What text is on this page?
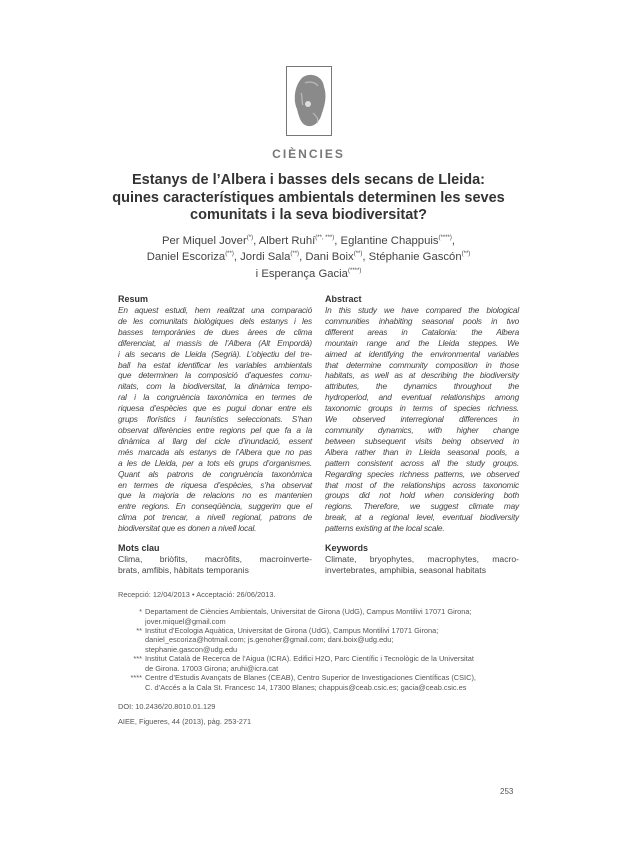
CIÈNCIES
Estanys de l’Albera i basses dels secans de Lleida:
quines característiques ambientals determinen les seves
comunitats i la seva biodiversitat?
Per Miquel Jover(*), Albert Ruhí(**, ***), Eglantine Chappuis(****),
Daniel Escoriza(**), Jordi Sala(**), Dani Boix(**), Stéphanie Gascón(**)
i Esperança Gacia(****)
Resum
En aquest estudi, hem realitzat una comparació
de les comunitats biològiques dels estanys i les
basses temporànies de dues àrees de clima
diferenciat, al massís de l’Albera (Alt Empordà)
i als secans de Lleida (Segrià). L’objectiu del tre-
ball ha estat identificar les variables ambientals
que determinen la composició d’aquestes comu-
nitats, com la biodiversitat, la dinàmica tempo-
ral i la congruència taxonòmica en termes de
riquesa d’espècies que es pugui donar entre els
grups florístics i faunístics seleccionats. S’han
observat diferències entre regions pel que fa a la
dinàmica al llarg del cicle d’inundació, essent
més marcada als estanys de l’Albera que no pas
a les de Lleida, per a tots els grups d’organismes.
Quant als patrons de congruència taxonòmica
en termes de riquesa d’espècies, s’ha observat
que la majoria de relacions no es mantenien
entre regions. En conseqüència, suggerim que el
clima pot trencar, a nivell regional, patrons de
biodiversitat que es donen a nivell local.
Mots clau
Clima, briòfits, macròfits, macroinverte-
brats, amfibis, hàbitats temporanis
Abstract
In this study we have compared the biological
communities inhabiting seasonal pools in two
different areas in Catalonia: the Albera
mountain range and the Lleida steppes. We
aimed at identifying the environmental variables
that determine community composition in those
habitats, as well as at describing the biodiversity
attributes, the dynamics throughout the
hydroperiod, and eventual relationships among
taxonomic groups in terms of species richness.
We observed interregional differences in
community dynamics, with higher change
between subsequent visits being observed in
Albera rather than in Lleida seasonal pools, a
pattern consistent across all the study groups.
Regarding species richness patterns, we observed
that most of the relationships across taxonomic
groups did not hold when considering both
regions. Therefore, we suggest climate may
break, at a regional level, eventual biodiversity
patterns existing at the local scale.
Keywords
Climate, bryophytes, macrophytes, macro-
invertebrates, amphibia, seasonal habitats
Recepció: 12/04/2013 • Acceptació: 26/06/2013.
* Departament de Ciències Ambientals, Universitat de Girona (UdG), Campus Montilivi 17071 Girona;
jover.miquel@gmail.com
** Institut d’Ecologia Aquàtica, Universitat de Girona (UdG), Campus Montilivi 17071 Girona;
daniel_escoriza@hotmail.com; js.genoher@gmail.com; dani.boix@udg.edu;
stephanie.gascon@udg.edu
*** Institut Català de Recerca de l’Aigua (ICRA). Edifici H2O, Parc Científic i Tecnològic de la Universitat
de Girona. 17003 Girona; aruhi@icra.cat
**** Centre d’Estudis Avançats de Blanes (CEAB), Centro Superior de Investigaciones Científicas (CSIC),
C. d’Accés a la Cala St. Francesc 14, 17300 Blanes; chappuis@ceab.csic.es; gacia@ceab.csic.es
DOI: 10.2436/20.8010.01.129
AIEE, Figueres, 44 (2013), pàg. 253-271
253
